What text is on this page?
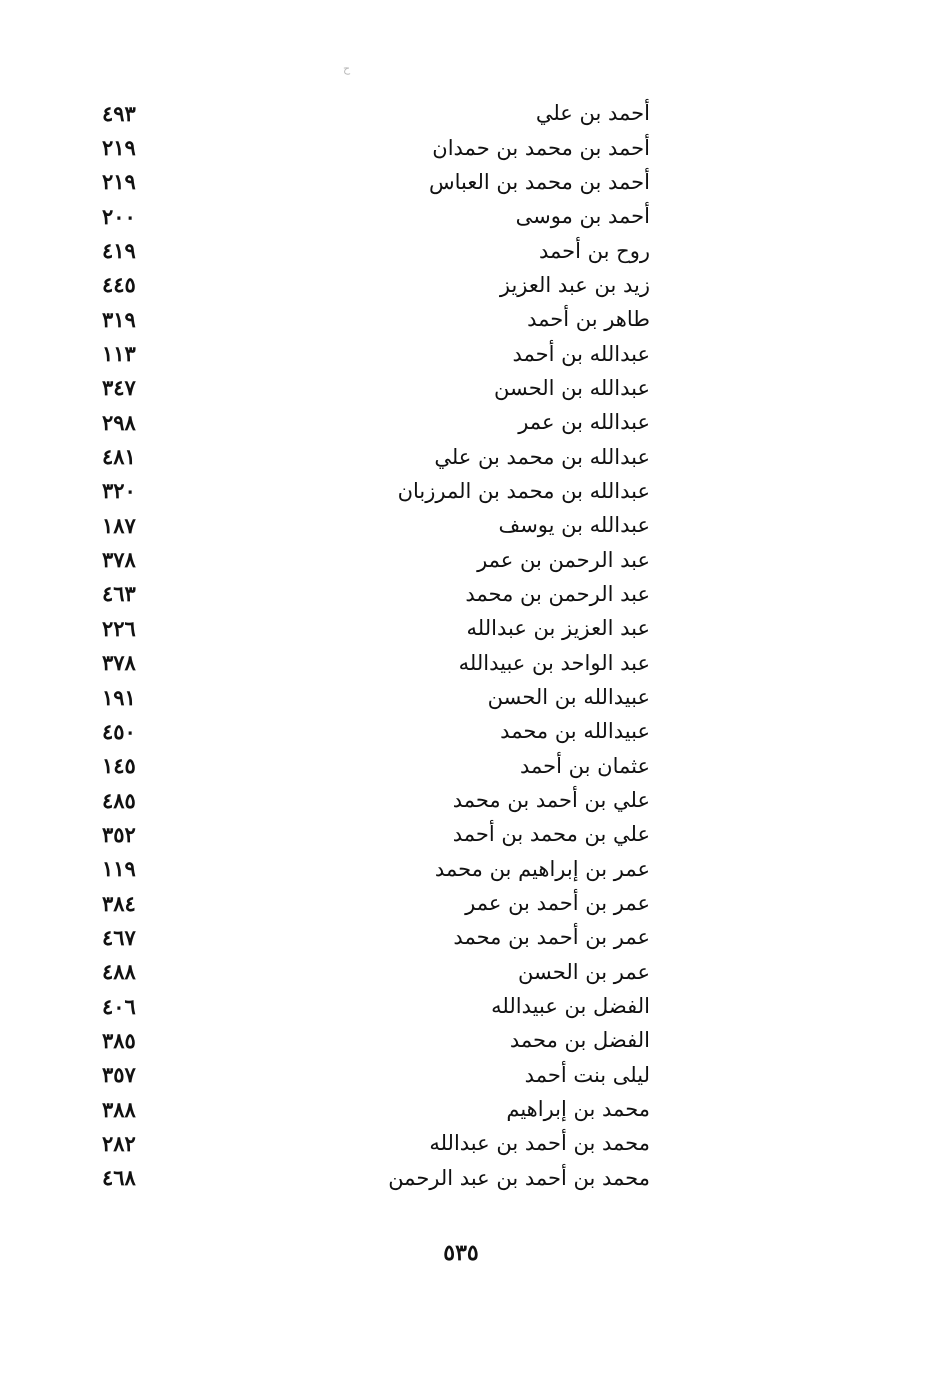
ح
٤٩٣	أحمد بن علي
٢١٩	أحمد بن محمد بن حمدان
٢١٩	أحمد بن محمد بن العباس
٢٠٠	أحمد بن موسى
٤١٩	روح بن أحمد
٤٤٥	زيد بن عبد العزيز
٣١٩	طاهر بن أحمد
١١٣	عبدالله بن أحمد
٣٤٧	عبدالله بن الحسن
٢٩٨	عبدالله بن عمر
٤٨١	عبدالله بن محمد بن علي
٣٢٠	عبدالله بن محمد بن المرزبان
١٨٧	عبدالله بن يوسف
٣٧٨	عبد الرحمن بن عمر
٤٦٣	عبد الرحمن بن محمد
٢٢٦	عبد العزيز بن عبدالله
٣٧٨	عبد الواحد بن عبيدالله
١٩١	عبيدالله بن الحسن
٤٥٠	عبيدالله بن محمد
١٤٥	عثمان بن أحمد
٤٨٥	علي بن أحمد بن محمد
٣٥٢	علي بن محمد بن أحمد
١١٩	عمر بن إبراهيم بن محمد
٣٨٤	عمر بن أحمد بن عمر
٤٦٧	عمر بن أحمد بن محمد
٤٨٨	عمر بن الحسن
٤٠٦	الفضل بن عبيدالله
٣٨٥	الفضل بن محمد
٣٥٧	ليلى بنت أحمد
٣٨٨	محمد بن إبراهيم
٢٨٢	محمد بن أحمد بن عبدالله
٤٦٨	محمد بن أحمد بن عبد الرحمن
٥٣٥
